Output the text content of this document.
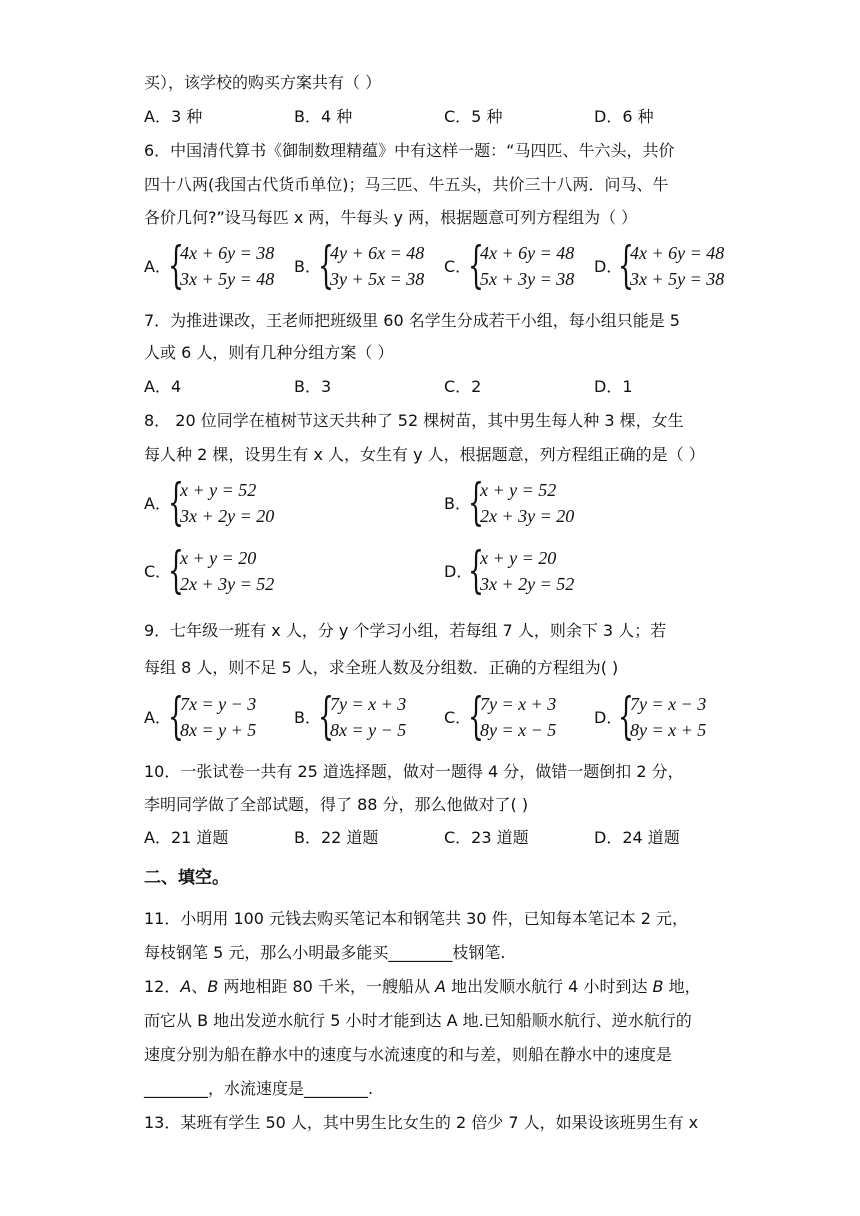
买），该学校的购买方案共有（ ）
A．3 种	B．4 种	C．5 种	D．6 种
6．中国清代算书《御制数理精蕴》中有这样一题：“马四匹、牛六头，共价
四十八两(我国古代货币单位)；马三匹、牛五头，共价三十八两．问马、牛
各价几何?”设马每匹 x 两，牛每头 y 两，根据题意可列方程组为（ ）
A．
{
4x + 6y = 38
3x + 5y = 48
B．
{
4y + 6x = 48
3y + 5x = 38
C．
{
4x + 6y = 48
5x + 3y = 38
D．
{
4x + 6y = 48
3x + 5y = 38
7．为推进课改，王老师把班级里 60 名学生分成若干小组，每小组只能是 5
人或 6 人，则有几种分组方案（ ）
A．4	B．3	C．2	D．1
8． 20 位同学在植树节这天共种了 52 棵树苗，其中男生每人种 3 棵，女生
每人种 2 棵，设男生有 x 人，女生有 y 人，根据题意，列方程组正确的是（ ）
A．
{
x + y = 52
3x + 2y = 20
B．
{
x + y = 52
2x + 3y = 20
C．
{
x + y = 20
2x + 3y = 52
D．
{
x + y = 20
3x + 2y = 52
9．七年级一班有 x 人，分 y 个学习小组，若每组 7 人，则余下 3 人；若
每组 8 人，则不足 5 人，求全班人数及分组数．正确的方程组为( )
A．
{
7x = y − 3
8x = y + 5
B．
{
7y = x + 3
8x = y − 5
C．
{
7y = x + 3
8y = x − 5
D．
{
7y = x − 3
8y = x + 5
10．一张试卷一共有 25 道选择题，做对一题得 4 分，做错一题倒扣 2 分，
李明同学做了全部试题，得了 88 分，那么他做对了( )
A．21 道题	B．22 道题	C．23 道题	D．24 道题
二、填空。
11．小明用 100 元钱去购买笔记本和钢笔共 30 件，已知每本笔记本 2 元，
每枝钢笔 5 元，那么小明最多能买________枝钢笔.
12．A、B 两地相距 80 千米，一艘船从 A 地出发顺水航行 4 小时到达 B 地，
而它从 B 地出发逆水航行 5 小时才能到达 A 地.已知船顺水航行、逆水航行的
速度分别为船在静水中的速度与水流速度的和与差，则船在静水中的速度是
________，水流速度是________.
13．某班有学生 50 人，其中男生比女生的 2 倍少 7 人，如果设该班男生有 x
